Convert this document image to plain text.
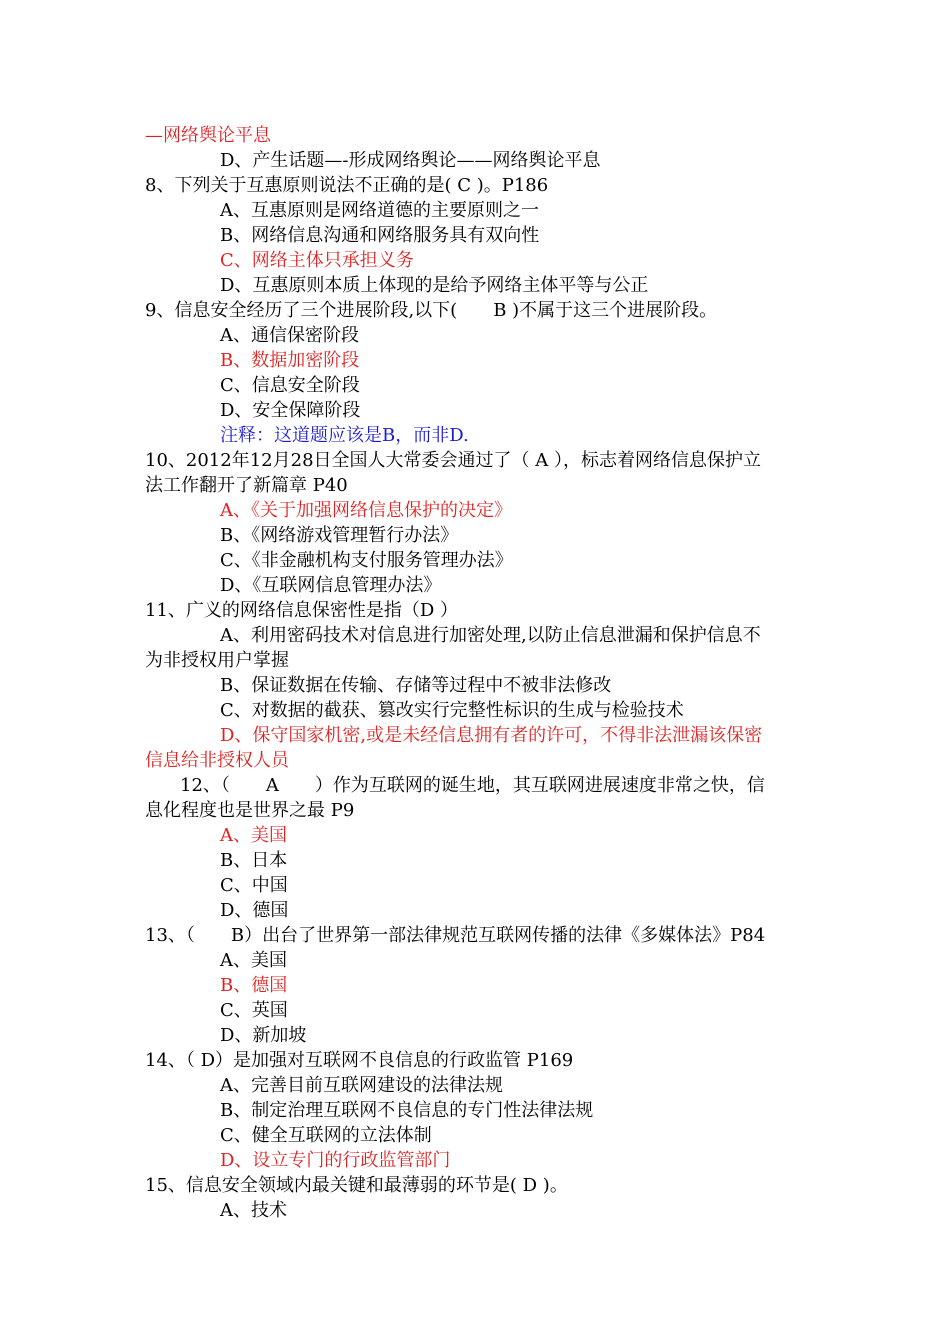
—网络舆论平息
D、产生话题—-形成网络舆论——网络舆论平息
8、下列关于互惠原则说法不正确的是( C )。P186
A、互惠原则是网络道德的主要原则之一
B、网络信息沟通和网络服务具有双向性
C、网络主体只承担义务
D、互惠原则本质上体现的是给予网络主体平等与公正
9、信息安全经历了三个进展阶段,以下(　　B )不属于这三个进展阶段。
A、通信保密阶段
B、数据加密阶段
C、信息安全阶段
D、安全保障阶段
注释：这道题应该是B，而非D.
10、2012年12月28日全国人大常委会通过了（ A ），标志着网络信息保护立
法工作翻开了新篇章 P40
A、《关于加强网络信息保护的决定》
B、《网络游戏管理暂行办法》
C、《非金融机构支付服务管理办法》
D、《互联网信息管理办法》
11、广义的网络信息保密性是指（D ）
A、利用密码技术对信息进行加密处理,以防止信息泄漏和保护信息不
为非授权用户掌握
B、保证数据在传输、存储等过程中不被非法修改
C、对数据的截获、篡改实行完整性标识的生成与检验技术
D、保守国家机密,或是未经信息拥有者的许可，不得非法泄漏该保密
信息给非授权人员
12、（　　A　　）作为互联网的诞生地，其互联网进展速度非常之快，信
息化程度也是世界之最 P9
A、美国
B、日本
C、中国
D、德国
13、（　　B）出台了世界第一部法律规范互联网传播的法律《多媒体法》P84
A、美国
B、德国
C、英国
D、新加坡
14、（ D）是加强对互联网不良信息的行政监管 P169
A、完善目前互联网建设的法律法规
B、制定治理互联网不良信息的专门性法律法规
C、健全互联网的立法体制
D、设立专门的行政监管部门
15、信息安全领域内最关键和最薄弱的环节是( D )。
A、技术
